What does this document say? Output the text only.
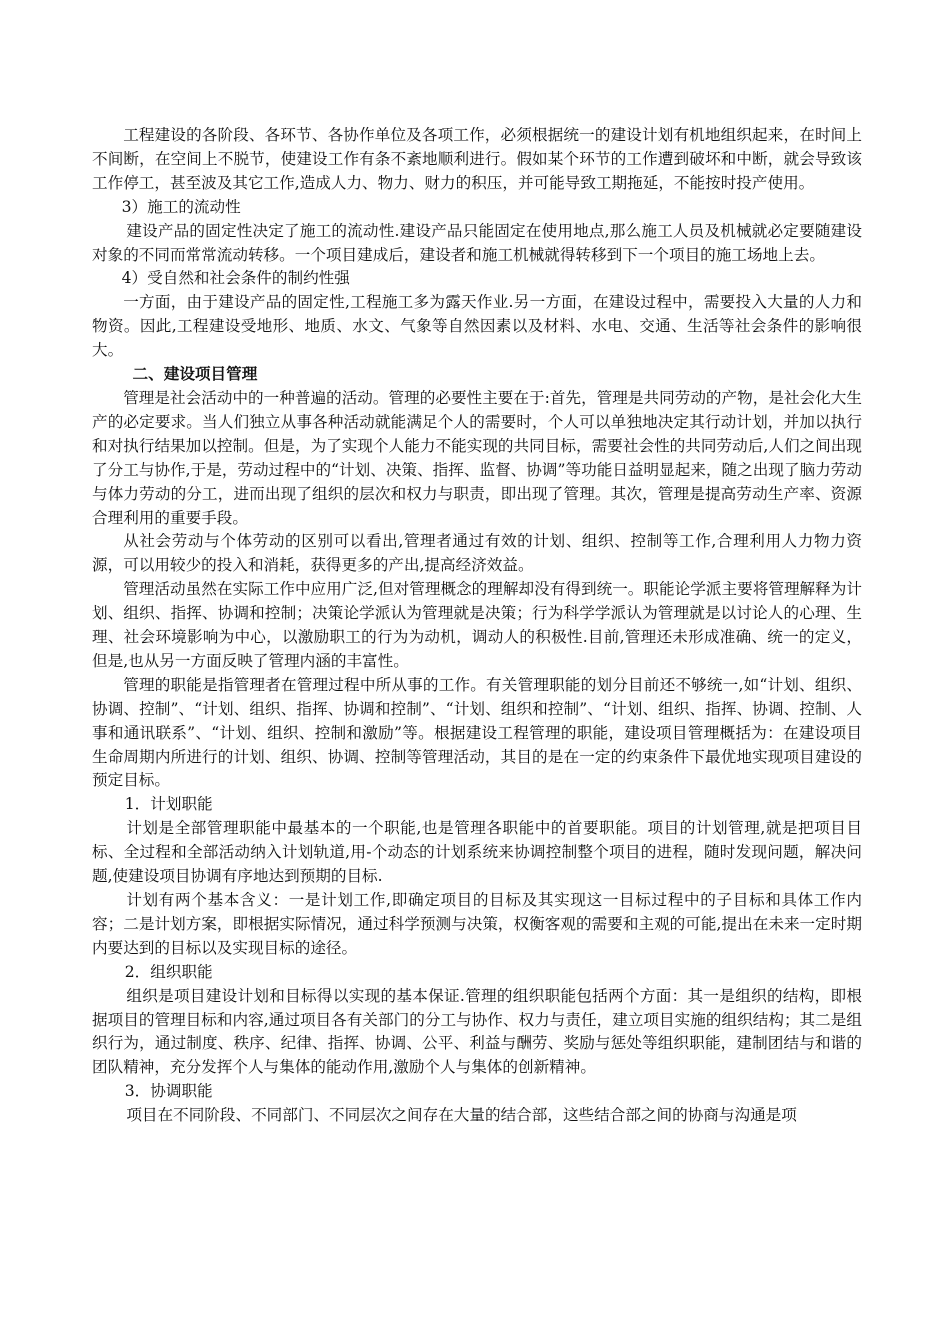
工程建设的各阶段、各环节、各协作单位及各项工作，必须根据统一的建设计划有机地组织起来，在时间上不间断，在空间上不脱节，使建设工作有条不紊地顺利进行。假如某个环节的工作遭到破坏和中断，就会导致该工作停工，甚至波及其它工作,造成人力、物力、财力的积压，并可能导致工期拖延，不能按时投产使用。

3）施工的流动性

建设产品的固定性决定了施工的流动性.建设产品只能固定在使用地点,那么施工人员及机械就必定要随建设对象的不同而常常流动转移。一个项目建成后，建设者和施工机械就得转移到下一个项目的施工场地上去。

4）受自然和社会条件的制约性强

一方面，由于建设产品的固定性,工程施工多为露天作业.另一方面，在建设过程中，需要投入大量的人力和物资。因此,工程建设受地形、地质、水文、气象等自然因素以及材料、水电、交通、生活等社会条件的影响很大。

二、建设项目管理

管理是社会活动中的一种普遍的活动。管理的必要性主要在于:首先，管理是共同劳动的产物，是社会化大生产的必定要求。当人们独立从事各种活动就能满足个人的需要时，个人可以单独地决定其行动计划，并加以执行和对执行结果加以控制。但是，为了实现个人能力不能实现的共同目标，需要社会性的共同劳动后,人们之间出现了分工与协作,于是，劳动过程中的“计划、决策、指挥、监督、协调”等功能日益明显起来，随之出现了脑力劳动与体力劳动的分工，进而出现了组织的层次和权力与职责，即出现了管理。其次，管理是提高劳动生产率、资源合理利用的重要手段。

从社会劳动与个体劳动的区别可以看出,管理者通过有效的计划、组织、控制等工作,合理利用人力物力资源，可以用较少的投入和消耗，获得更多的产出,提高经济效益。

管理活动虽然在实际工作中应用广泛,但对管理概念的理解却没有得到统一。职能论学派主要将管理解释为计划、组织、指挥、协调和控制；决策论学派认为管理就是决策；行为科学学派认为管理就是以讨论人的心理、生理、社会环境影响为中心，以激励职工的行为为动机，调动人的积极性.目前,管理还未形成准确、统一的定义，但是,也从另一方面反映了管理内涵的丰富性。

管理的职能是指管理者在管理过程中所从事的工作。有关管理职能的划分目前还不够统一,如“计划、组织、协调、控制”、“计划、组织、指挥、协调和控制”、“计划、组织和控制”、“计划、组织、指挥、协调、控制、人事和通讯联系”、“计划、组织、控制和激励”等。根据建设工程管理的职能，建设项目管理概括为：在建设项目生命周期内所进行的计划、组织、协调、控制等管理活动，其目的是在一定的约束条件下最优地实现项目建设的预定目标。

1．计划职能

计划是全部管理职能中最基本的一个职能,也是管理各职能中的首要职能。项目的计划管理,就是把项目目标、全过程和全部活动纳入计划轨道,用-个动态的计划系统来协调控制整个项目的进程，随时发现问题，解决问题,使建设项目协调有序地达到预期的目标.

计划有两个基本含义：一是计划工作,即确定项目的目标及其实现这一目标过程中的子目标和具体工作内容；二是计划方案，即根据实际情况，通过科学预测与决策，权衡客观的需要和主观的可能,提出在未来一定时期内要达到的目标以及实现目标的途径。

2．组织职能

组织是项目建设计划和目标得以实现的基本保证.管理的组织职能包括两个方面：其一是组织的结构，即根据项目的管理目标和内容,通过项目各有关部门的分工与协作、权力与责任，建立项目实施的组织结构；其二是组织行为，通过制度、秩序、纪律、指挥、协调、公平、利益与酬劳、奖励与惩处等组织职能，建制团结与和谐的团队精神，充分发挥个人与集体的能动作用,激励个人与集体的创新精神。

3．协调职能

项目在不同阶段、不同部门、不同层次之间存在大量的结合部，这些结合部之间的协商与沟通是项
